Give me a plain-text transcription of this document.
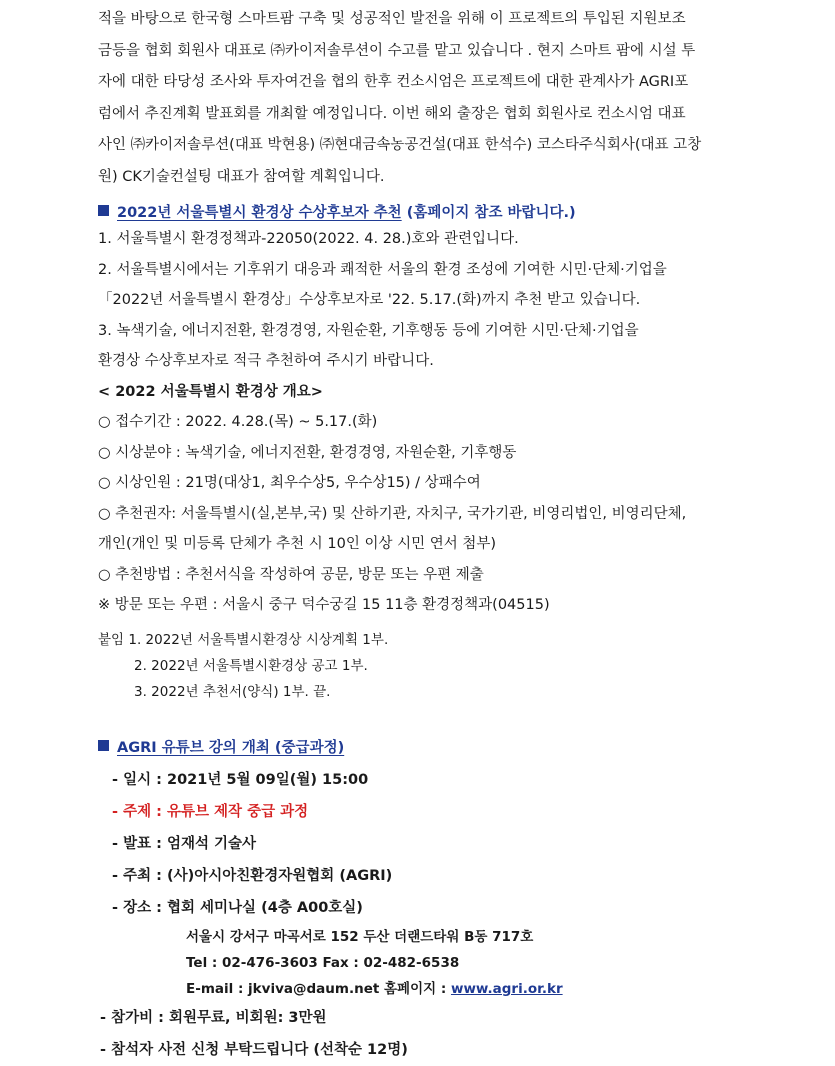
적을 바탕으로 한국형 스마트팜 구축 및 성공적인 발전을 위해 이 프로젝트의 투입된 지원보조

금등을 협회 회원사 대표로 ㈜카이저솔루션이 수고를 맡고 있습니다 . 현지 스마트 팜에 시설 투

자에 대한 타당성 조사와 투자여건을 협의 한후 컨소시엄은 프로젝트에 대한 관계사가 AGRI포

럼에서 추진계획 발표회를 개최할 예정입니다. 이번 해외 출장은 협회 회원사로 컨소시엄 대표

사인 ㈜카이저솔루션(대표 박현용) ㈜현대금속농공건설(대표 한석수) 코스타주식회사(대표 고창

원) CK기술컨설팅 대표가 참여할 계획입니다.

2022년 서울특별시 환경상 수상후보자 추천 (홈페이지 참조 바랍니다.)
1. 서울특별시 환경정책과-22050(2022. 4. 28.)호와 관련입니다.
2. 서울특별시에서는 기후위기 대응과 쾌적한 서울의 환경 조성에 기여한 시민·단체·기업을
「2022년 서울특별시 환경상」수상후보자로 '22. 5.17.(화)까지 추천 받고 있습니다.
3. 녹색기술, 에너지전환, 환경경영, 자원순환, 기후행동 등에 기여한 시민·단체·기업을
환경상 수상후보자로 적극 추천하여 주시기 바랍니다.
< 2022 서울특별시 환경상 개요>
○ 접수기간 : 2022. 4.28.(목) ~ 5.17.(화)
○ 시상분야 : 녹색기술, 에너지전환, 환경경영, 자원순환, 기후행동
○ 시상인원 : 21명(대상1, 최우수상5, 우수상15) / 상패수여
○ 추천권자: 서울특별시(실,본부,국) 및 산하기관, 자치구, 국가기관, 비영리법인, 비영리단체,
개인(개인 및 미등록 단체가 추천 시 10인 이상 시민 연서 첨부)
○ 추천방법 : 추천서식을 작성하여 공문, 방문 또는 우편 제출
※ 방문 또는 우편 : 서울시 중구 덕수궁길 15 11층 환경정책과(04515)
붙임 1. 2022년 서울특별시환경상 시상계획 1부.
2. 2022년 서울특별시환경상 공고 1부.
3. 2022년 추천서(양식) 1부. 끝.
AGRI 유튜브 강의 개최 (중급과정)
- 일시 : 2021년 5월 09일(월) 15:00
- 주제 : 유튜브 제작 중급 과정
- 발표 : 엄재석 기술사
- 주최 : (사)아시아친환경자원협회 (AGRI)
- 장소 : 협회 세미나실 (4층 A00호실)
서울시 강서구 마곡서로 152 두산 더랜드타워 B동 717호
Tel : 02-476-3603 Fax : 02-482-6538
E-mail : jkviva@daum.net 홈페이지 : www.agri.or.kr
- 참가비 : 회원무료, 비회원: 3만원
- 참석자 사전 신청 부탁드립니다 (선착순 12명)
